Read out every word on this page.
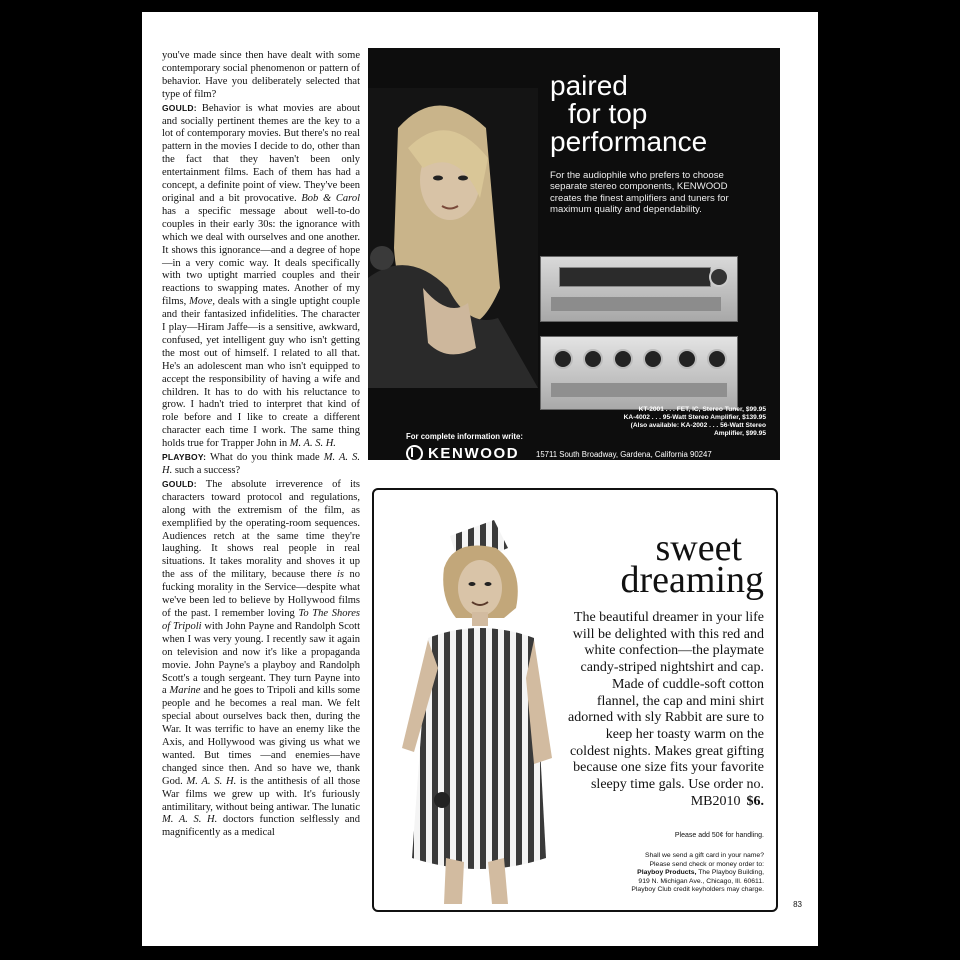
you've made since then have dealt with some contemporary social phenomenon or pattern of behavior. Have you deliberately selected that type of film?

GOULD: Behavior is what movies are about and socially pertinent themes are the key to a lot of contemporary movies. But there's no real pattern in the movies I decide to do, other than the fact that they haven't been only entertainment films. Each of them has had a concept, a definite point of view. They've been original and a bit provocative. Bob & Carol has a specific message about well-to-do couples in their early 30s: the ignorance with which we deal with ourselves and one another. It shows this ignorance—and a degree of hope—in a very comic way. It deals specifically with two uptight married couples and their reactions to swapping mates. Another of my films, Move, deals with a single uptight couple and their fantasized infidelities. The character I play—Hiram Jaffe—is a sensitive, awkward, confused, yet intelligent guy who isn't getting the most out of himself. I related to all that. He's an adolescent man who isn't equipped to accept the responsibility of having a wife and children. It has to do with his reluctance to grow. I hadn't tried to interpret that kind of role before and I like to create a different character each time I work. The same thing holds true for Trapper John in M. A. S. H.

PLAYBOY: What do you think made M. A. S. H. such a success?

GOULD: The absolute irreverence of its characters toward protocol and regulations, along with the extremism of the film, as exemplified by the operating-room sequences. Audiences retch at the same time they're laughing. It shows real people in real situations. It takes morality and shoves it up the ass of the military, because there is no fucking morality in the Service—despite what we've been led to believe by Hollywood films of the past. I remember loving To The Shores of Tripoli with John Payne and Randolph Scott when I was very young. I recently saw it again on television and now it's like a propaganda movie. John Payne's a playboy and Randolph Scott's a tough sergeant. They turn Payne into a Marine and he goes to Tripoli and kills some people and he becomes a real man. We felt special about ourselves back then, during the War. It was terrific to have an enemy like the Axis, and Hollywood was giving us what we wanted. But times —and enemies—have changed since then. And so have we, thank God. M. A. S. H. is the antithesis of all those War films we grew up with. It's furiously antimilitary, without being antiwar. The lunatic M. A. S. H. doctors function selflessly and magnificently as a medical

paired
for top
performance
For the audiophile who prefers to choose separate stereo components, KENWOOD creates the finest amplifiers and tuners for maximum quality and dependability.
KT-2001 . . . FET, IC, Stereo Tuner, $99.95
KA-4002 . . . 95-Watt Stereo Amplifier, $139.95
(Also available: KA-2002 . . . 56-Watt Stereo
Amplifier, $99.95
For complete information write:
KENWOOD 15711 South Broadway, Gardena, California 90247
sweet
dreaming
The beautiful dreamer in your life will be delighted with this red and white confection—the playmate candy-striped nightshirt and cap. Made of cuddle-soft cotton flannel, the cap and mini shirt adorned with sly Rabbit are sure to keep her toasty warm on the coldest nights. Makes great gifting because one size fits your favorite sleepy time gals. Use order no. MB2010 $6.
Please add 50¢ for handling.
Shall we send a gift card in your name?
Please send check or money order to:
Playboy Products, The Playboy Building,
919 N. Michigan Ave., Chicago, Ill. 60611.
Playboy Club credit keyholders may charge.
83
